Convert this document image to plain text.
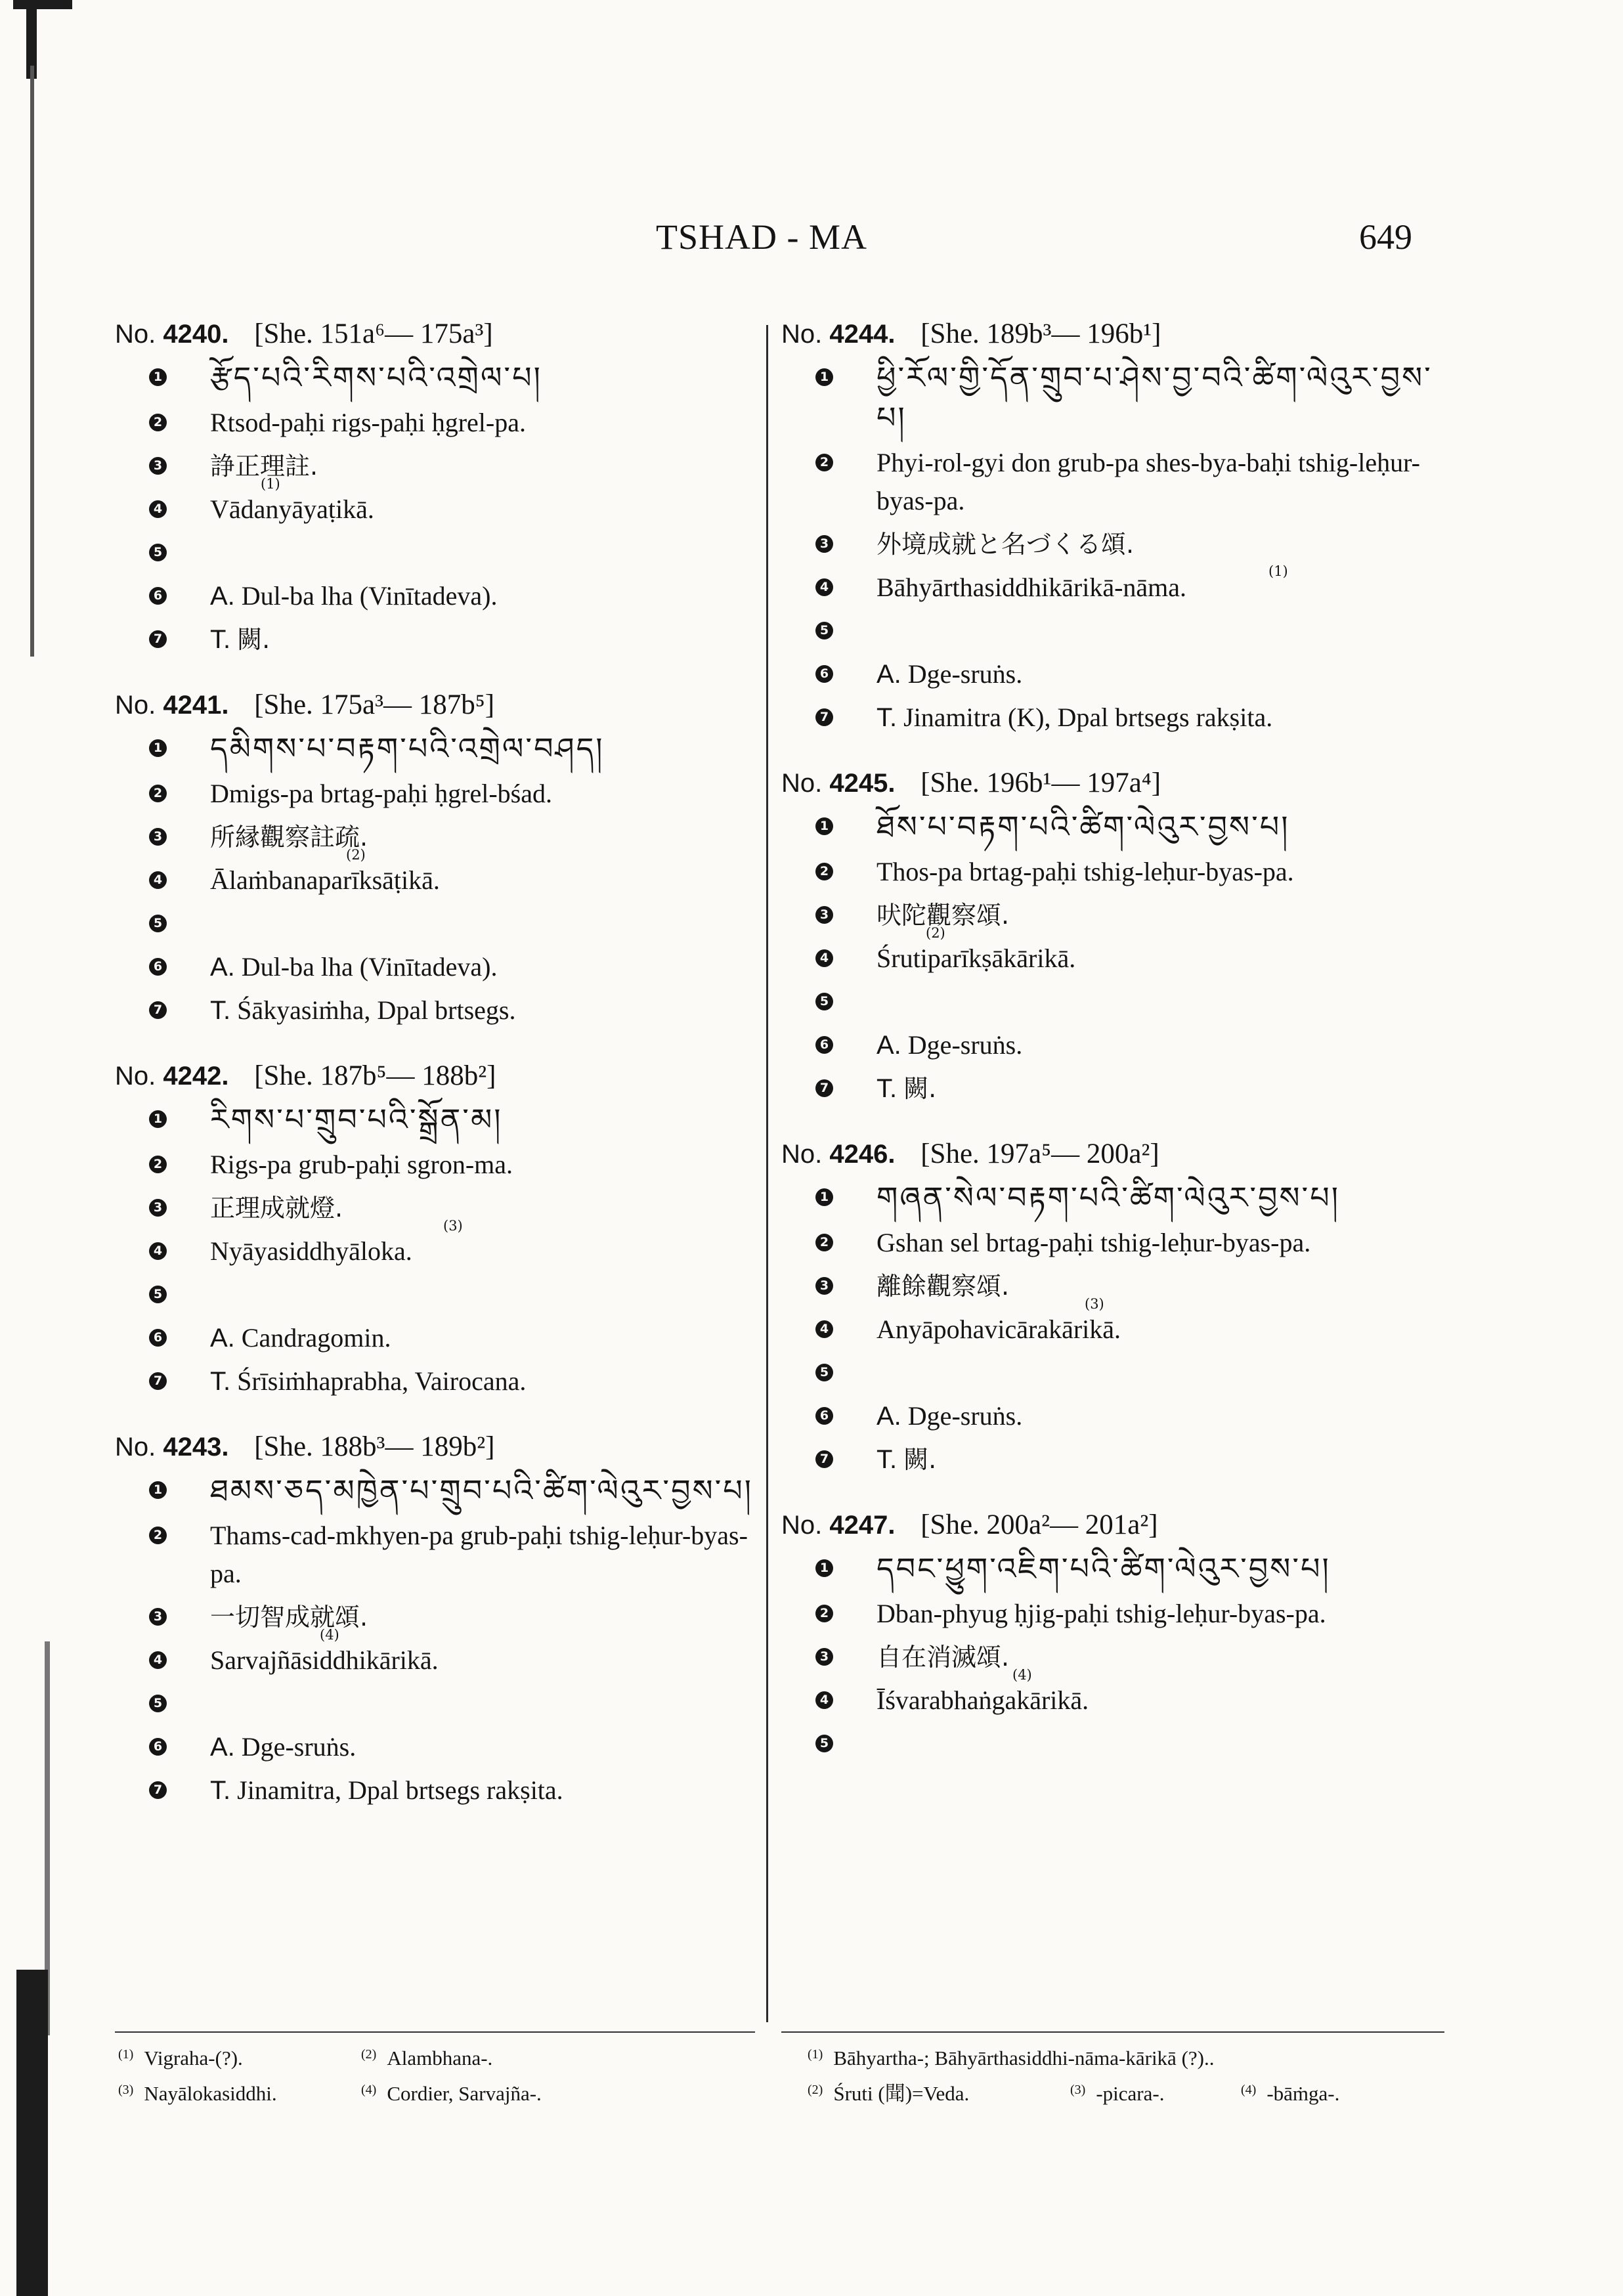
TSHAD - MA	649
No. 4240. [She. 151a⁶— 175a³]
1 རྩོད་པའི་རིགས་པའི་འགྲེལ་པ།
2 Rtsod-paḥi rigs-paḥi ḥgrel-pa.
3 諍正理註.
(1)
4 Vādanyāyaṭikā.
5
6 A. Dul-ba lha (Vinītadeva).
7 T. 闕.
No. 4241. [She. 175a³— 187b⁵]
1 དམིགས་པ་བརྟག་པའི་འགྲེལ་བཤད།
2 Dmigs-pa brtag-paḥi ḥgrel-bśad.
3 所縁觀察註疏.
(2)
4 Ālaṁbanaparīksāṭikā.
5
6 A. Dul-ba lha (Vinītadeva).
7 T. Śākyasiṁha, Dpal brtsegs.
No. 4242. [She. 187b⁵— 188b²]
1 རིགས་པ་གྲུབ་པའི་སྒྲོན་མ།
2 Rigs-pa grub-paḥi sgron-ma.
3 正理成就燈.
(3)
4 Nyāyasiddhyāloka.
5
6 A. Candragomin.
7 T. Śrīsiṁhaprabha, Vairocana.
No. 4243. [She. 188b³— 189b²]
1 ཐམས་ཅད་མཁྱེན་པ་གྲུབ་པའི་ཚིག་ལེའུར་བྱས་པ།
2 Thams-cad-mkhyen-pa grub-paḥi tshig-leḥur-byas-pa.
3 一切智成就頌.
(4)
4 Sarvajñāsiddhikārikā.
5
6 A. Dge-sruṅs.
7 T. Jinamitra, Dpal brtsegs rakṣita.
No. 4244. [She. 189b³— 196b¹]
1 ཕྱི་རོལ་གྱི་དོན་གྲུབ་པ་ཤེས་བྱ་བའི་ཚིག་ལེའུར་བྱས་པ།
2 Phyi-rol-gyi don grub-pa shes-bya-baḥi tshig-leḥur-byas-pa.
3 外境成就と名づくる頌.
4 Bāhyārthasiddhikārikā-nāma.
(1)
5
6 A. Dge-sruṅs.
7 T. Jinamitra (K), Dpal brtsegs rakṣita.
No. 4245. [She. 196b¹— 197a⁴]
1 ཐོས་པ་བརྟག་པའི་ཚིག་ལེའུར་བྱས་པ།
2 Thos-pa brtag-paḥi tshig-leḥur-byas-pa.
3 吠陀觀察頌.
(2)
4 Śrutiparīkṣākārikā.
5
6 A. Dge-sruṅs.
7 T. 闕.
No. 4246. [She. 197a⁵— 200a²]
1 གཞན་སེལ་བརྟག་པའི་ཚིག་ལེའུར་བྱས་པ།
2 Gshan sel brtag-paḥi tshig-leḥur-byas-pa.
3 離餘觀察頌.
(3)
4 Anyāpohavicārakārikā.
5
6 A. Dge-sruṅs.
7 T. 闕.
No. 4247. [She. 200a²— 201a²]
1 དབང་ཕྱུག་འཇིག་པའི་ཚིག་ལེའུར་བྱས་པ།
2 Dban-phyug ḥjig-paḥi tshig-leḥur-byas-pa.
3 自在消滅頌.
(4)
4 Īśvarabhaṅgakārikā.
5
$^{(1)}$ Vigraha-(?).	$^{(2)}$ Alambhana-.
$^{(3)}$ Nayālokasiddhi.	$^{(4)}$ Cordier, Sarvajña-.
$^{(1)}$ Bāhyartha-; Bāhyārthasiddhi-nāma-kārikā (?)..
$^{(2)}$ Śruti (聞)=Veda.	$^{(3)}$ -picara-.	$^{(4)}$ -bāṁga-.
